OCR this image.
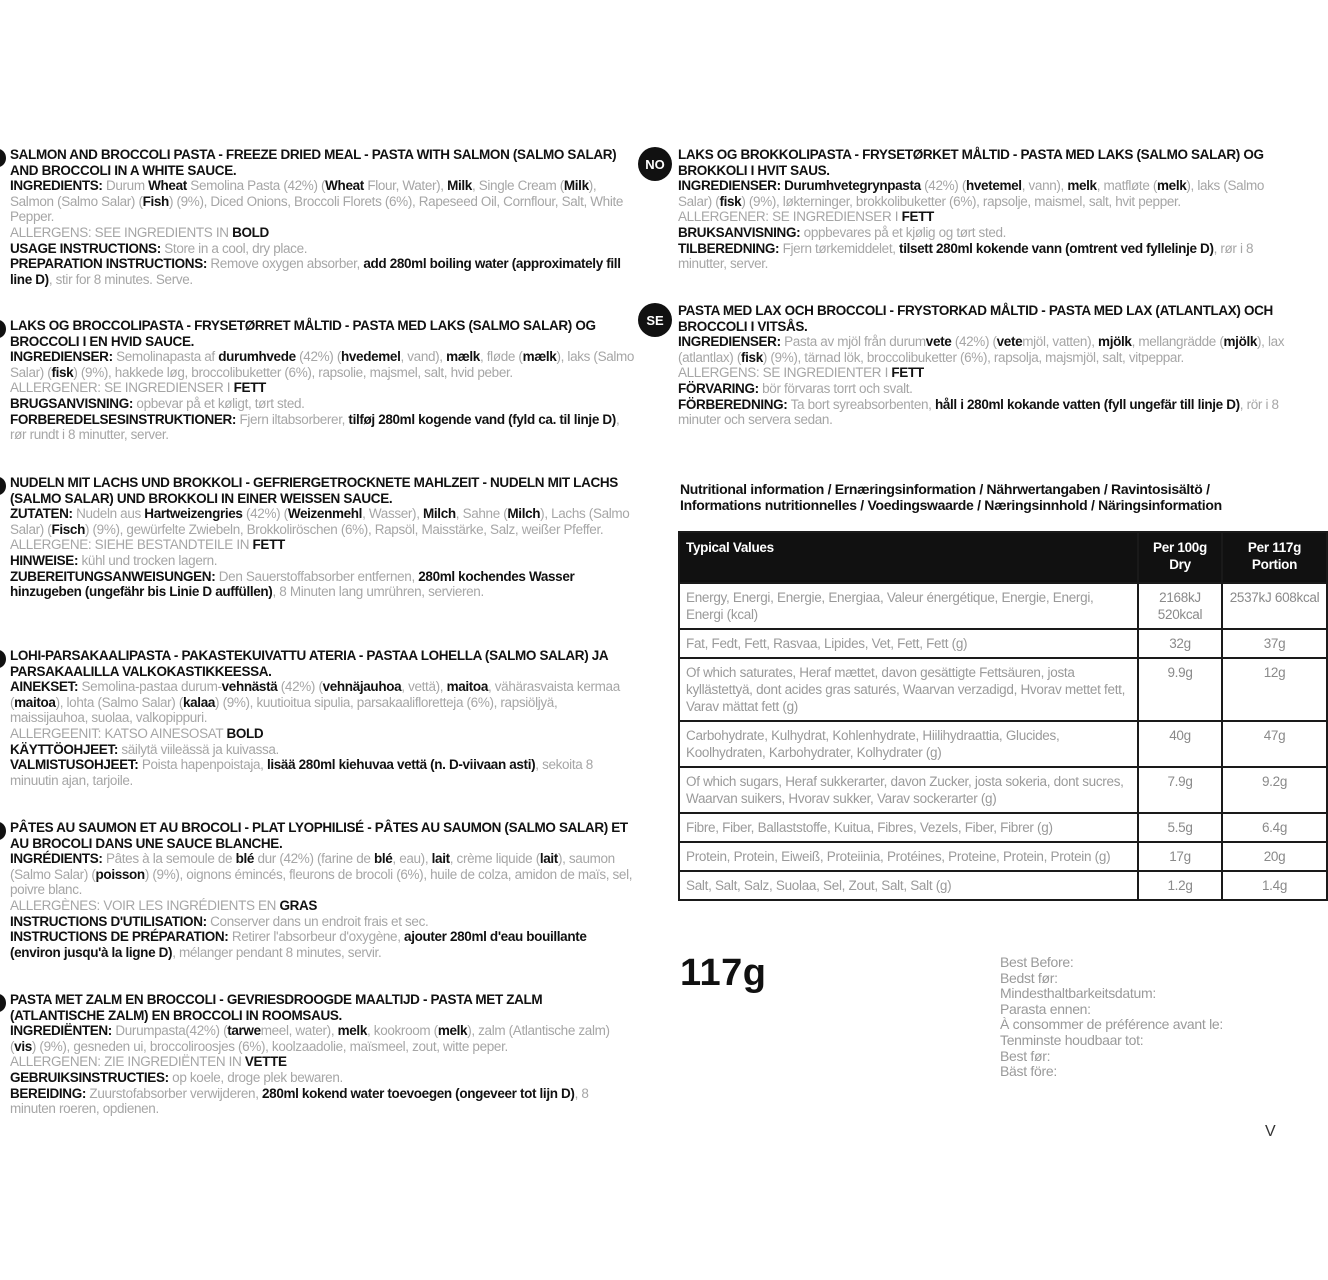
SALMON AND BROCCOLI PASTA - FREEZE DRIED MEAL - PASTA WITH SALMON (SALMO SALAR) AND BROCCOLI IN A WHITE SAUCE.
INGREDIENTS: Durum Wheat Semolina Pasta (42%) (Wheat Flour, Water), Milk, Single Cream (Milk), Salmon (Salmo Salar) (Fish) (9%), Diced Onions, Broccoli Florets (6%), Rapeseed Oil, Cornflour, Salt, White Pepper.
ALLERGENS: SEE INGREDIENTS IN BOLD
USAGE INSTRUCTIONS: Store in a cool, dry place.
PREPARATION INSTRUCTIONS: Remove oxygen absorber, add 280ml boiling water (approximately fill line D), stir for 8 minutes. Serve.
LAKS OG BROCCOLIPASTA - FRYSETØRRET MÅLTID - PASTA MED LAKS (SALMO SALAR) OG BROCCOLI I EN HVID SAUCE.
INGREDIENSER: Semolinapasta af durumhvede (42%) (hvedemel, vand), mælk, fløde (mælk), laks (Salmo Salar) (fisk) (9%), hakkede løg, broccolibuketter (6%), rapsolie, majsmel, salt, hvid peber.
ALLERGENER: SE INGREDIENSER I FETT
BRUGSANVISNING: opbevar på et køligt, tørt sted.
FORBEREDELSESINSTRUKTIONER: Fjern iltabsorberer, tilføj 280ml kogende vand (fyld ca. til linje D), rør rundt i 8 minutter, server.
NUDELN MIT LACHS UND BROKKOLI - GEFRIERGETROCKNETE MAHLZEIT - NUDELN MIT LACHS (SALMO SALAR) UND BROKKOLI IN EINER WEISSEN SAUCE.
ZUTATEN: Nudeln aus Hartweizengries (42%) (Weizenmehl, Wasser), Milch, Sahne (Milch), Lachs (Salmo Salar) (Fisch) (9%), gewürfelte Zwiebeln, Brokkoliröschen (6%), Rapsöl, Maisstärke, Salz, weißer Pfeffer.
ALLERGENE: SIEHE BESTANDTEILE IN FETT
HINWEISE: kühl und trocken lagern.
ZUBEREITUNGSANWEISUNGEN: Den Sauerstoffabsorber entfernen, 280ml kochendes Wasser hinzugeben (ungefähr bis Linie D auffüllen), 8 Minuten lang umrühren, servieren.
LOHI-PARSAKAALIPASTA - PAKASTEKUIVATTU ATERIA - PASTAA LOHELLA (SALMO SALAR) JA PARSAKAALILLA VALKOKASTIKKEESSA.
AINEKSET: Semolina-pastaa durum-vehnästä (42%) (vehnäjauhoa, vettä), maitoa, vähärasvaista kermaa (maitoa), lohta (Salmo Salar) (kalaa) (9%), kuutioitua sipulia, parsakaalifloretteja (6%), rapsiöljyä, maissijauhoa, suolaa, valkopippuri.
ALLERGEENIT: KATSO AINESOSAT BOLD
KÄYTTÖOHJEET: säilytä viileässä ja kuivassa.
VALMISTUSOHJEET: Poista hapenpoistaja, lisää 280ml kiehuvaa vettä (n. D-viivaan asti), sekoita 8 minuutin ajan, tarjoile.
PÂTES AU SAUMON ET AU BROCOLI - PLAT LYOPHILISÉ - PÂTES AU SAUMON (SALMO SALAR) ET AU BROCOLI DANS UNE SAUCE BLANCHE.
INGRÉDIENTS: Pâtes à la semoule de blé dur (42%) (farine de blé, eau), lait, crème liquide (lait), saumon (Salmo Salar) (poisson) (9%), oignons émincés, fleurons de brocoli (6%), huile de colza, amidon de maïs, sel, poivre blanc.
ALLERGÈNES: VOIR LES INGRÉDIENTS EN GRAS
INSTRUCTIONS D'UTILISATION: Conserver dans un endroit frais et sec.
INSTRUCTIONS DE PRÉPARATION: Retirer l'absorbeur d'oxygène, ajouter 280ml d'eau bouillante (environ jusqu'à la ligne D), mélanger pendant 8 minutes, servir.
PASTA MET ZALM EN BROCCOLI - GEVRIESDROOGDE MAALTIJD - PASTA MET ZALM (ATLANTISCHE ZALM) EN BROCCOLI IN ROOMSAUS.
INGREDIËNTEN: Durumpasta(42%) (tarwemeel, water), melk, kookroom (melk), zalm (Atlantische zalm) (vis) (9%), gesneden ui, broccoliroosjes (6%), koolzaadolie, maïsmeel, zout, witte peper.
ALLERGENEN: ZIE INGREDIËNTEN IN VETTE
GEBRUIKSINSTRUCTIES: op koele, droge plek bewaren.
BEREIDING: Zuurstofabsorber verwijderen, 280ml kokend water toevoegen (ongeveer tot lijn D), 8 minuten roeren, opdienen.
LAKS OG BROKKOLIPASTA - FRYSETØRKET MÅLTID - PASTA MED LAKS (SALMO SALAR) OG BROKKOLI I HVIT SAUS.
INGREDIENSER: Durumhvetegrynpasta (42%) (hvetemel, vann), melk, matfløte (melk), laks (Salmo Salar) (fisk) (9%), løkterninger, brokkolibuketter (6%), rapsolje, maismel, salt, hvit pepper.
ALLERGENER: SE INGREDIENSER I FETT
BRUKSANVISNING: oppbevares på et kjølig og tørt sted.
TILBEREDNING: Fjern tørkemiddelet, tilsett 280ml kokende vann (omtrent ved fyllelinje D), rør i 8 minutter, server.
PASTA MED LAX OCH BROCCOLI - FRYSTORKAD MÅLTID - PASTA MED LAX (ATLANTLAX) OCH BROCCOLI I VITSÅS.
INGREDIENSER: Pasta av mjöl från durumvete (42%) (vetemjöl, vatten), mjölk, mellangrädde (mjölk), lax (atlantlax) (fisk) (9%), tärnad lök, broccolibuketter (6%), rapsolja, majsmjöl, salt, vitpeppar.
ALLERGENS: SE INGREDIENTER I FETT
FÖRVARING: bör förvaras torrt och svalt.
FÖRBEREDNING: Ta bort syreabsorbenten, håll i 280ml kokande vatten (fyll ungefär till linje D), rör i 8 minuter och servera sedan.
Nutritional information / Ernæringsinformation / Nährwertangaben / Ravintosisältö /
Informations nutritionnelles / Voedingswaarde / Næringsinnhold / Näringsinformation
Typical Values	Per 100g Dry	Per 117g Portion
Energy, Energi, Energie, Energiaa, Valeur énergétique, Energie, Energi, Energi (kcal)	2168kJ 520kcal	2537kJ 608kcal
Fat, Fedt, Fett, Rasvaa, Lipides, Vet, Fett, Fett (g)	32g	37g
Of which saturates, Heraf mættet, davon gesättigte Fettsäuren, josta kyllästettyä, dont acides gras saturés, Waarvan verzadigd, Hvorav mettet fett, Varav mättat fett (g)	9.9g	12g
Carbohydrate, Kulhydrat, Kohlenhydrate, Hiilihydraattia, Glucides, Koolhydraten, Karbohydrater, Kolhydrater (g)	40g	47g
Of which sugars, Heraf sukkerarter, davon Zucker, josta sokeria, dont sucres, Waarvan suikers, Hvorav sukker, Varav sockerarter (g)	7.9g	9.2g
Fibre, Fiber, Ballaststoffe, Kuitua, Fibres, Vezels, Fiber, Fibrer (g)	5.5g	6.4g
Protein, Protein, Eiweiß, Proteiinia, Protéines, Proteine, Protein, Protein (g)	17g	20g
Salt, Salt, Salz, Suolaa, Sel, Zout, Salt, Salt (g)	1.2g	1.4g
117g	Best Before:
Bedst før:
Mindesthaltbarkeitsdatum:
Parasta ennen:
À consommer de préférence avant le:
Tenminste houdbaar tot:
Best før:
Bäst före:
V
NO
SE
